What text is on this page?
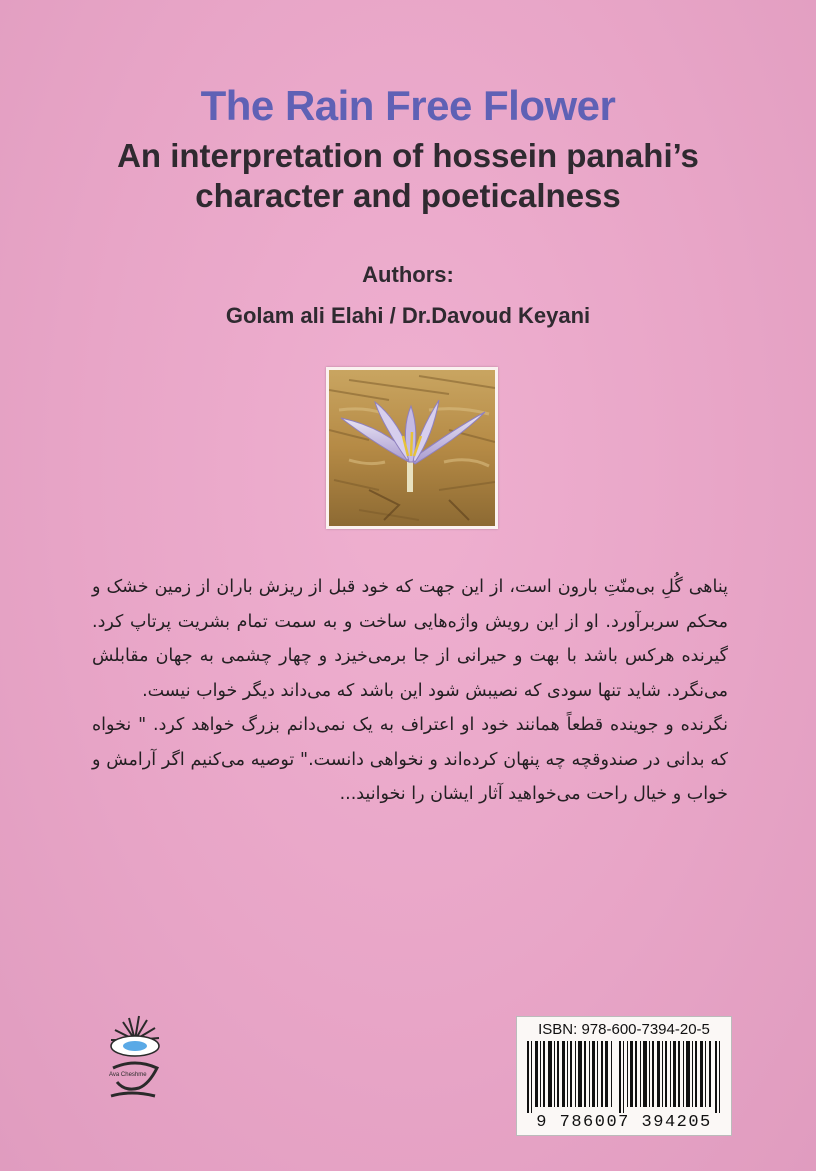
The Rain Free Flower
An interpretation of hossein panahi’s
character and poeticalness
Authors:
Golam ali Elahi / Dr.Davoud Keyani

پناهی گُلِ بی‌منّتِ بارون است، از این جهت که خود قبل از ریزش باران از زمین خشک و محکم سربرآورد. او از این رویش واژه‌هایی ساخت و به سمت تمام بشریت پرتاپ کرد. گیرنده هرکس باشد با بهت و حیرانی از جا برمی‌خیزد و چهار چشمی به جهان مقابلش می‌نگرد. شاید تنها سودی که نصیبش شود این باشد که می‌داند دیگر خواب نیست.

نگرنده و جوینده قطعاً همانند خود او اعتراف به یک نمی‌دانم بزرگ خواهد کرد. " نخواه که بدانی در صندوقچه چه پنهان کرده‌اند و نخواهی دانست." توصیه می‌کنیم اگر آرامش و خواب و خیال راحت می‌خواهید آثار ایشان را نخوانید...

Ava Cheshme
ISBN: 978-600-7394-20-5
9 786007 394205
